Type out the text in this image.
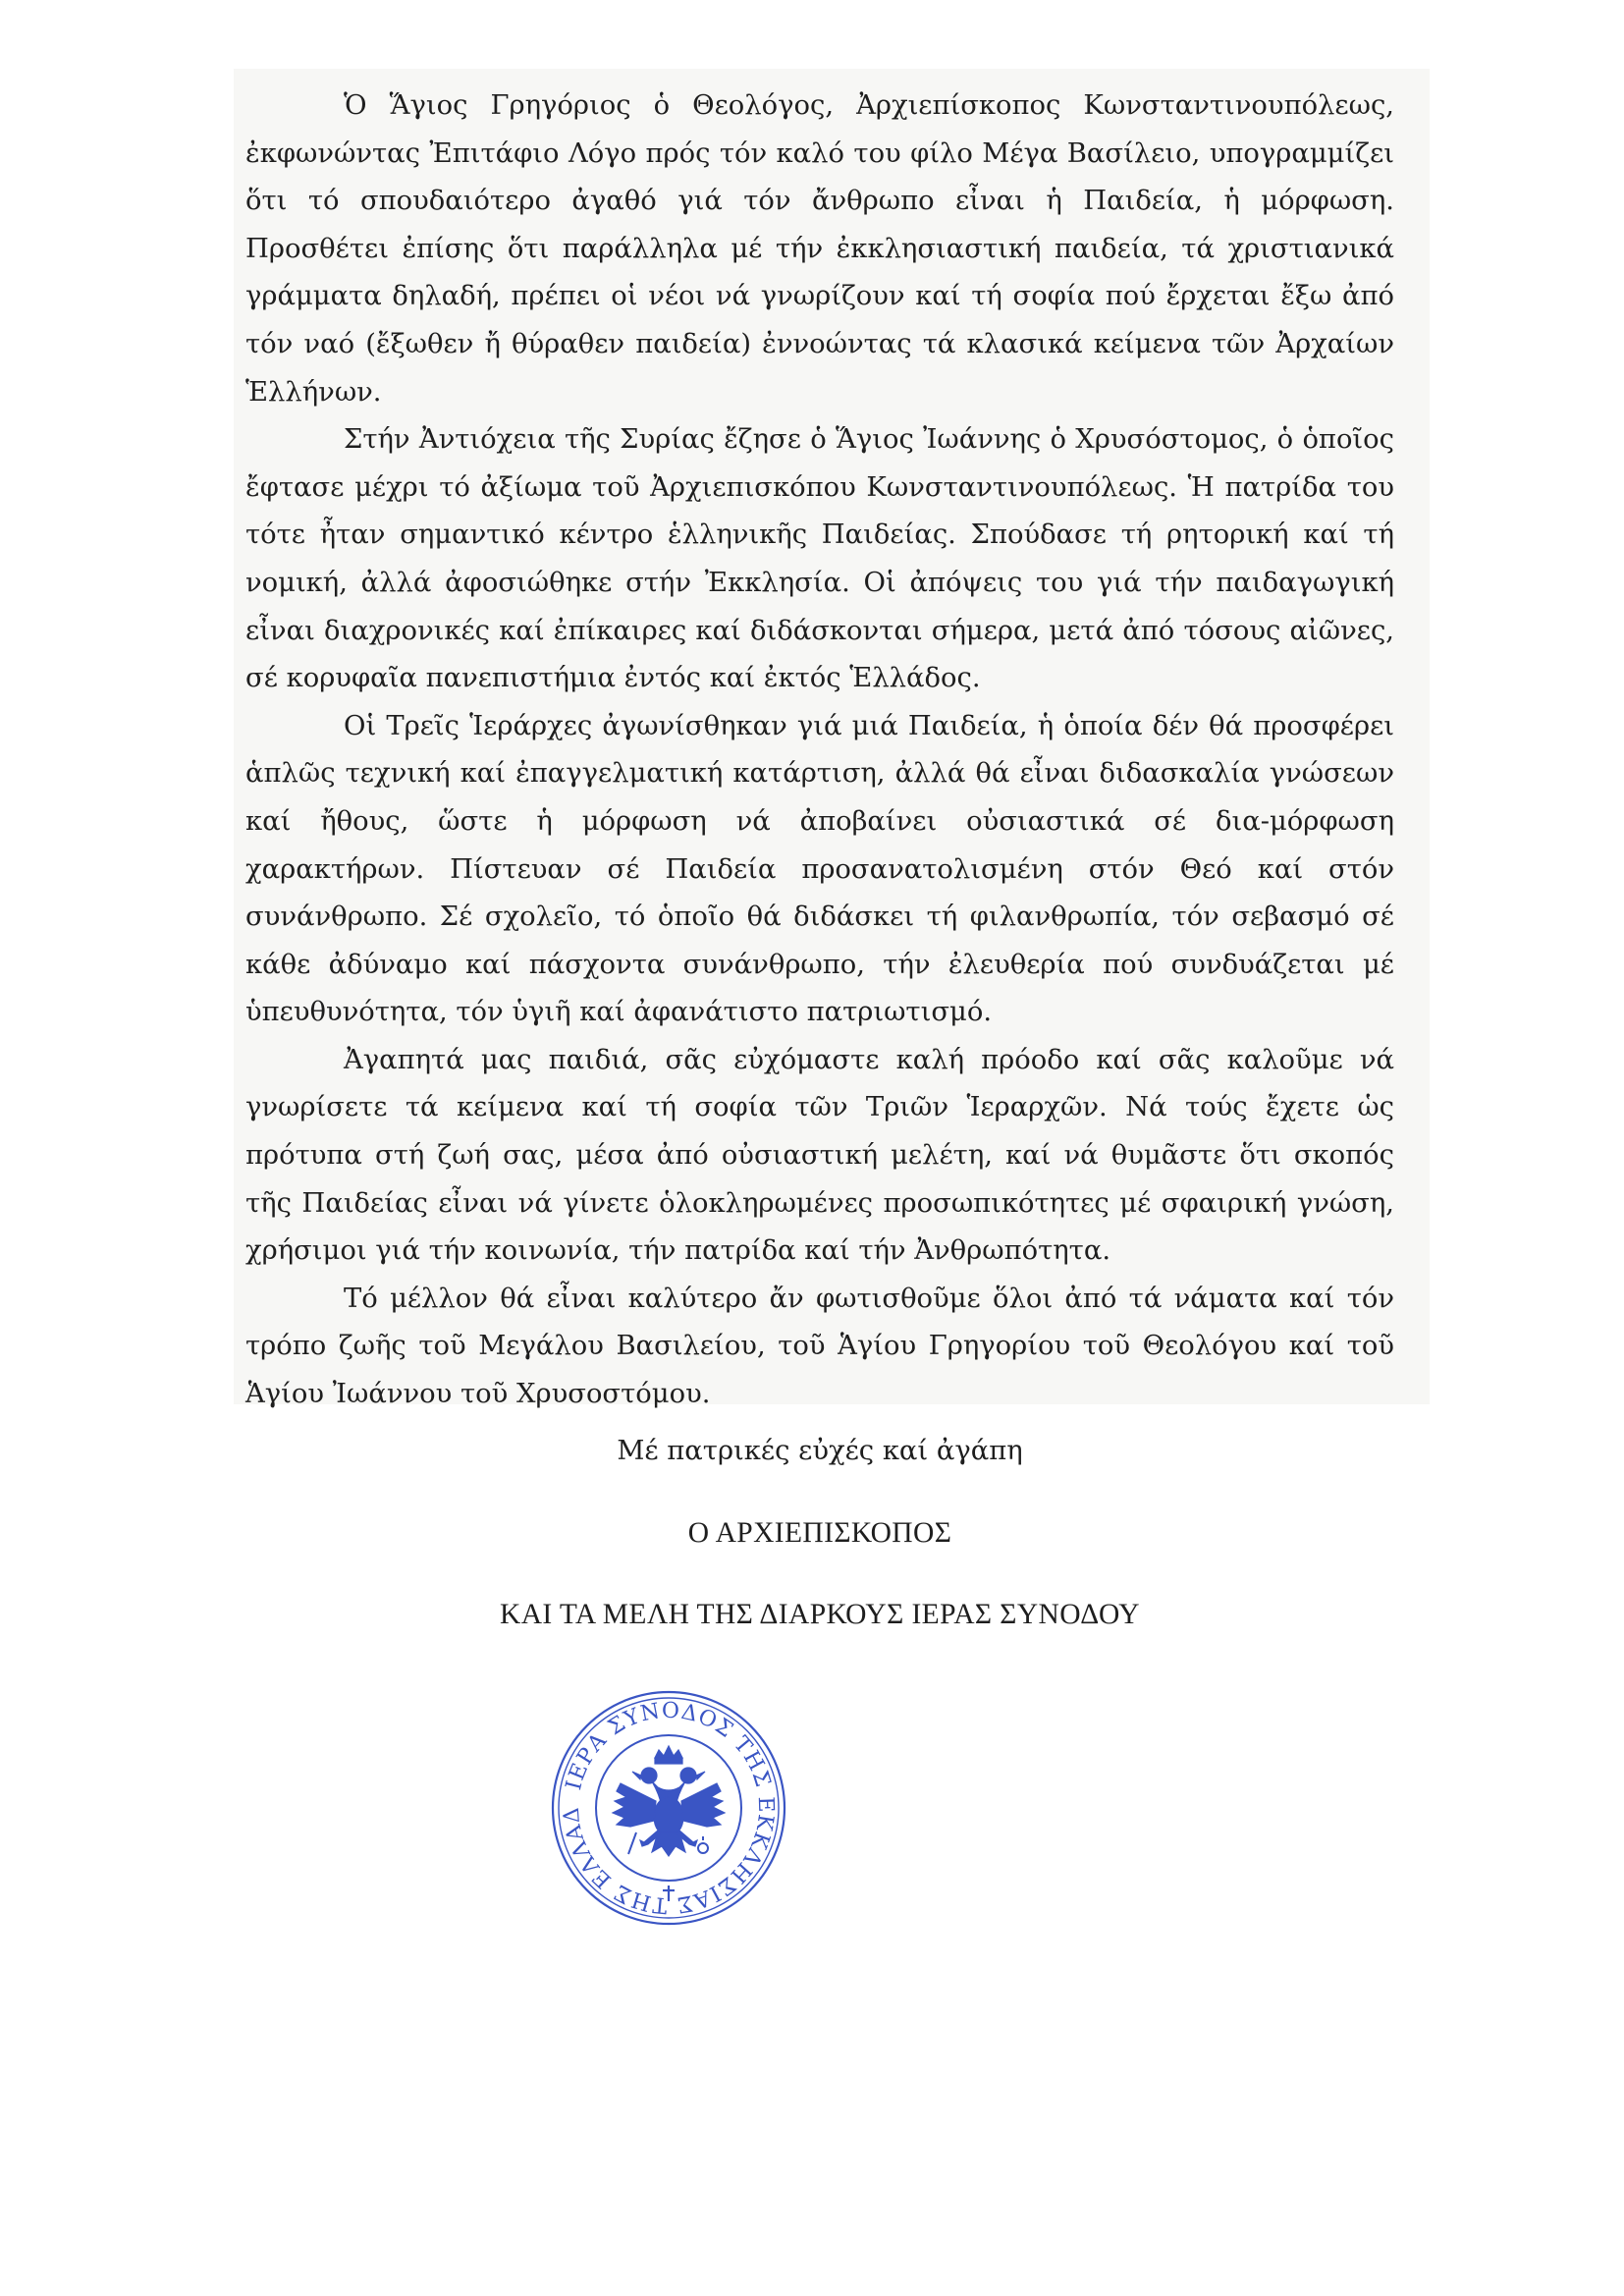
Ὁ Ἅγιος Γρηγόριος ὁ Θεολόγος, Ἀρχιεπίσκοπος Κωνσταντινουπόλεως, ἐκφωνώντας Ἐπιτάφιο Λόγο πρός τόν καλό του φίλο Μέγα Βασίλειο, υπογραμμίζει ὅτι τό σπουδαιότερο ἀγαθό γιά τόν ἄνθρωπο εἶναι ἡ Παιδεία, ἡ μόρφωση. Προσθέτει ἐπίσης ὅτι παράλληλα μέ τήν ἐκκλησιαστική παιδεία, τά χριστιανικά γράμματα δηλαδή, πρέπει οἱ νέοι νά γνωρίζουν καί τή σοφία πού ἔρχεται ἔξω ἀπό τόν ναό (ἔξωθεν ἤ θύραθεν παιδεία) ἐννοώντας τά κλασικά κείμενα τῶν Ἀρχαίων Ἑλλήνων.

Στήν Ἀντιόχεια τῆς Συρίας ἔζησε ὁ Ἅγιος Ἰωάννης ὁ Χρυσόστομος, ὁ ὁποῖος ἔφτασε μέχρι τό ἀξίωμα τοῦ Ἀρχιεπισκόπου Κωνσταντινουπόλεως. Ἡ πατρίδα του τότε ἦταν σημαντικό κέντρο ἑλληνικῆς Παιδείας. Σπούδασε τή ρητορική καί τή νομική, ἀλλά ἀφοσιώθηκε στήν Ἐκκλησία. Οἱ ἀπόψεις του γιά τήν παιδαγωγική εἶναι διαχρονικές καί ἐπίκαιρες καί διδάσκονται σήμερα, μετά ἀπό τόσους αἰῶνες, σέ κορυφαῖα πανεπιστήμια ἐντός καί ἐκτός Ἑλλάδος.

Οἱ Τρεῖς Ἱεράρχες ἀγωνίσθηκαν γιά μιά Παιδεία, ἡ ὁποία δέν θά προσφέρει ἁπλῶς τεχνική καί ἐπαγγελματική κατάρτιση, ἀλλά θά εἶναι διδασκαλία γνώσεων καί ἤθους, ὥστε ἡ μόρφωση νά ἀποβαίνει οὐσιαστικά σέ δια-μόρφωση χαρακτήρων. Πίστευαν σέ Παιδεία προσανατολισμένη στόν Θεό καί στόν συνάνθρωπο. Σέ σχολεῖο, τό ὁποῖο θά διδάσκει τή φιλανθρωπία, τόν σεβασμό σέ κάθε ἀδύναμο καί πάσχοντα συνάνθρωπο, τήν ἐλευθερία πού συνδυάζεται μέ ὑπευθυνότητα, τόν ὑγιῆ καί ἀφανάτιστο πατριωτισμό.

Ἀγαπητά μας παιδιά, σᾶς εὐχόμαστε καλή πρόοδο καί σᾶς καλοῦμε νά γνωρίσετε τά κείμενα καί τή σοφία τῶν Τριῶν Ἱεραρχῶν. Νά τούς ἔχετε ὡς πρότυπα στή ζωή σας, μέσα ἀπό οὐσιαστική μελέτη, καί νά θυμᾶστε ὅτι σκοπός τῆς Παιδείας εἶναι νά γίνετε ὁλοκληρωμένες προσωπικότητες μέ σφαιρική γνώση, χρήσιμοι γιά τήν κοινωνία, τήν πατρίδα καί τήν Ἀνθρωπότητα.

Τό μέλλον θά εἶναι καλύτερο ἄν φωτισθοῦμε ὅλοι ἀπό τά νάματα καί τόν τρόπο ζωῆς τοῦ Μεγάλου Βασιλείου, τοῦ Ἁγίου Γρηγορίου τοῦ Θεολόγου καί τοῦ Ἁγίου Ἰωάννου τοῦ Χρυσοστόμου.

Μέ πατρικές εὐχές καί ἀγάπη
Ο ΑΡΧΙΕΠΙΣΚΟΠΟΣ
ΚΑΙ ΤΑ ΜΕΛΗ ΤΗΣ ΔΙΑΡΚΟΥΣ ΙΕΡΑΣ ΣΥΝΟΔΟΥ
ΙΕΡΑ ΣΥΝΟΔΟΣ ΤΗΣ ΕΚΚΛΗΣΙΑΣ ΤΗΣ ΕΛΛΑΔ
